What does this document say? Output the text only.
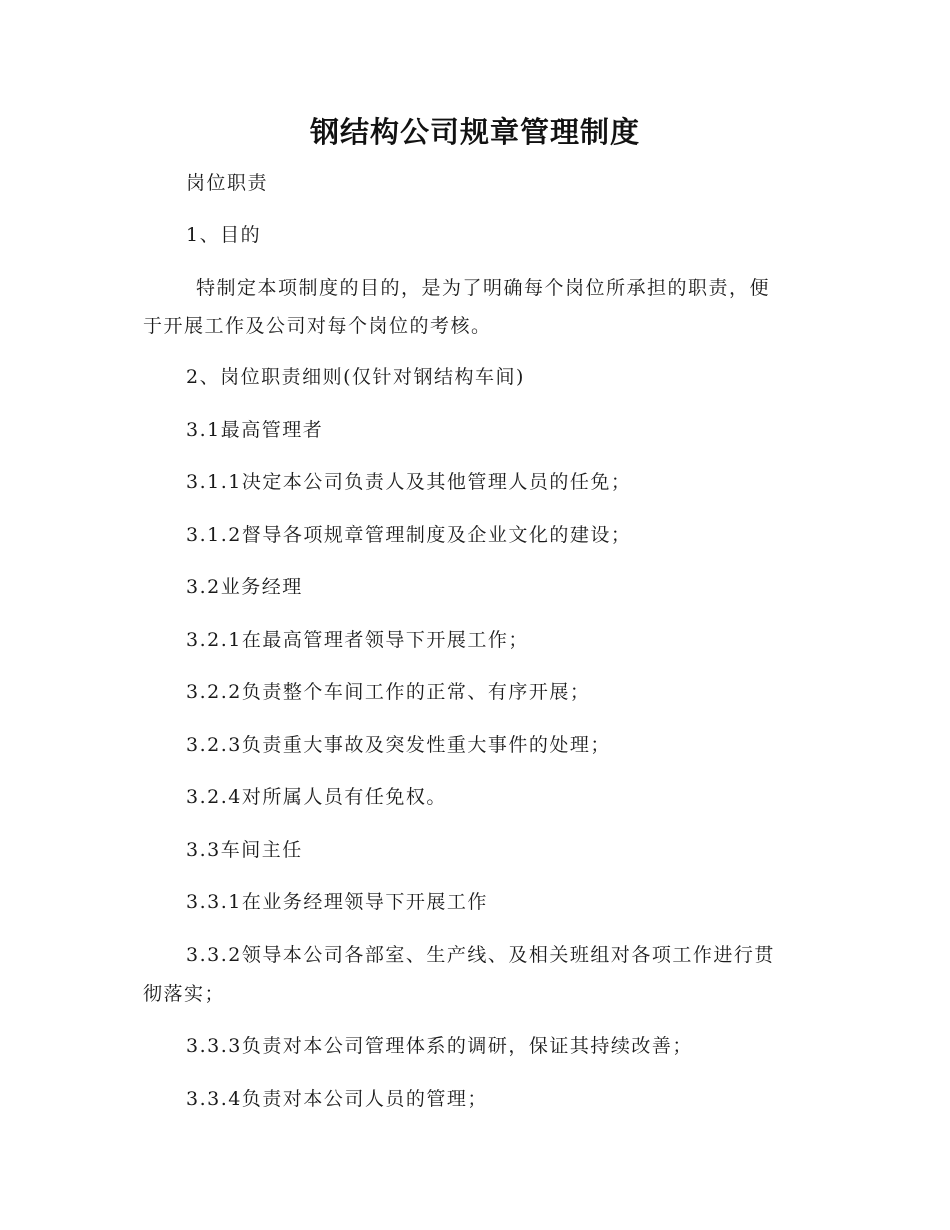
钢结构公司规章管理制度
岗位职责
1、目的
特制定本项制度的目的，是为了明确每个岗位所承担的职责，便
于开展工作及公司对每个岗位的考核。
2、岗位职责细则(仅针对钢结构车间)
3.1最高管理者
3.1.1决定本公司负责人及其他管理人员的任免；
3.1.2督导各项规章管理制度及企业文化的建设；
3.2业务经理
3.2.1在最高管理者领导下开展工作；
3.2.2负责整个车间工作的正常、有序开展；
3.2.3负责重大事故及突发性重大事件的处理；
3.2.4对所属人员有任免权。
3.3车间主任
3.3.1在业务经理领导下开展工作
3.3.2领导本公司各部室、生产线、及相关班组对各项工作进行贯
彻落实；
3.3.3负责对本公司管理体系的调研，保证其持续改善；
3.3.4负责对本公司人员的管理；
